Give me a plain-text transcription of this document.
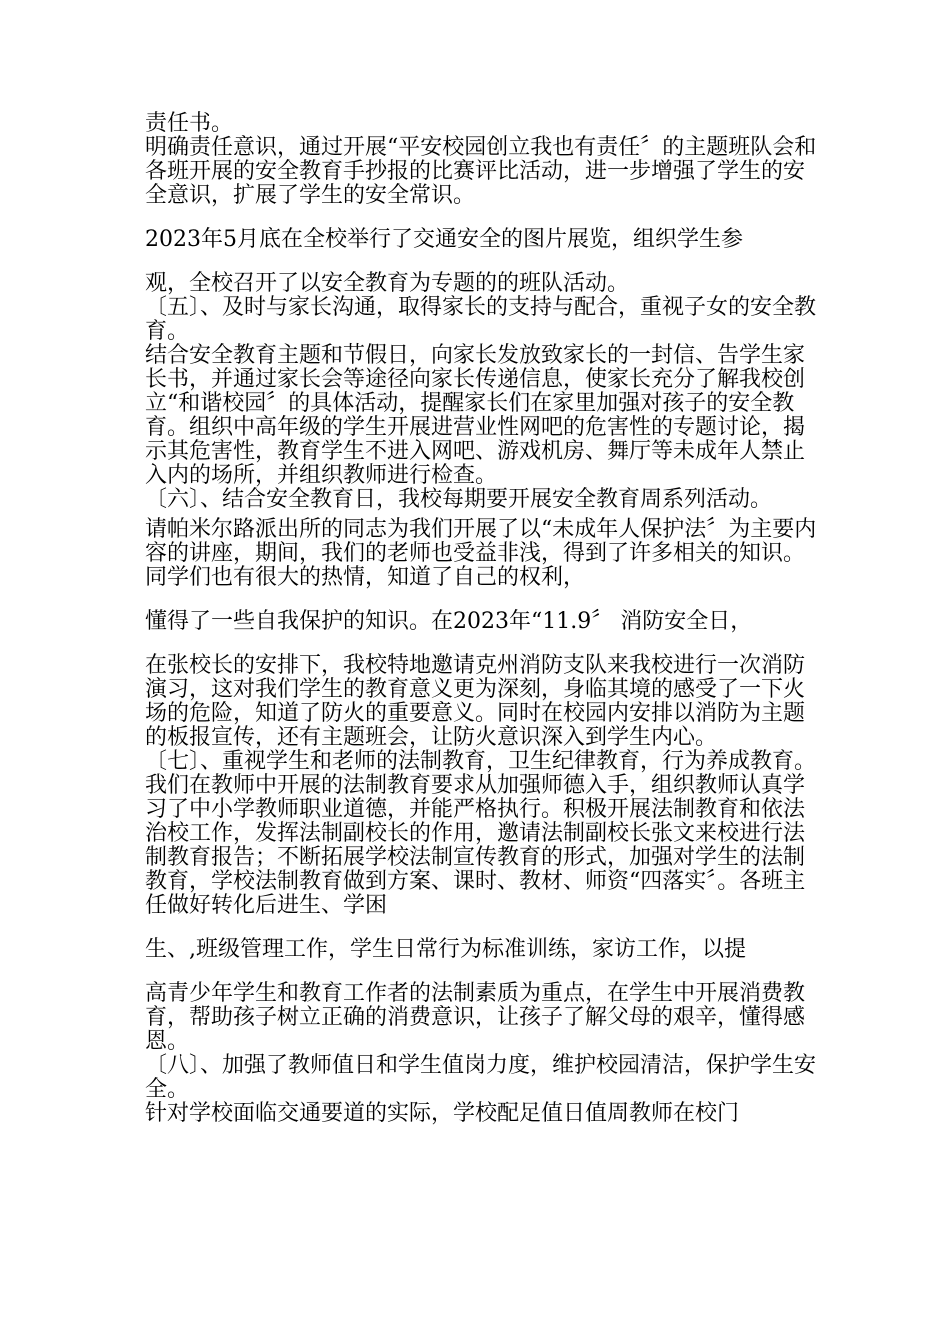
责任书。

明确责任意识，通过开展“平安校园创立我也有责任〞的主题班队会和各班开展的安全教育手抄报的比赛评比活动，进一步增强了学生的安全意识，扩展了学生的安全常识。

2023年5月底在全校举行了交通安全的图片展览，组织学生参

观，全校召开了以安全教育为专题的的班队活动。

〔五〕、及时与家长沟通，取得家长的支持与配合，重视子女的安全教育。

结合安全教育主题和节假日，向家长发放致家长的一封信、告学生家长书，并通过家长会等途径向家长传递信息，使家长充分了解我校创立“和谐校园〞的具体活动，提醒家长们在家里加强对孩子的安全教育。组织中高年级的学生开展进营业性网吧的危害性的专题讨论，揭示其危害性，教育学生不进入网吧、游戏机房、舞厅等未成年人禁止入内的场所，并组织教师进行检查。

〔六〕、结合安全教育日，我校每期要开展安全教育周系列活动。

请帕米尔路派出所的同志为我们开展了以“未成年人保护法〞为主要内容的讲座，期间，我们的老师也受益非浅，得到了许多相关的知识。同学们也有很大的热情，知道了自己的权利，

懂得了一些自我保护的知识。在2023年“11.9〞 消防安全日，

在张校长的安排下，我校特地邀请克州消防支队来我校进行一次消防演习，这对我们学生的教育意义更为深刻，身临其境的感受了一下火场的危险，知道了防火的重要意义。同时在校园内安排以消防为主题的板报宣传，还有主题班会，让防火意识深入到学生内心。

〔七〕、重视学生和老师的法制教育，卫生纪律教育，行为养成教育。

我们在教师中开展的法制教育要求从加强师德入手，组织教师认真学习了中小学教师职业道德，并能严格执行。积极开展法制教育和依法治校工作，发挥法制副校长的作用，邀请法制副校长张文来校进行法制教育报告；不断拓展学校法制宣传教育的形式，加强对学生的法制教育，学校法制教育做到方案、课时、教材、师资“四落实〞。各班主任做好转化后进生、学困

生、,班级管理工作，学生日常行为标准训练，家访工作，以提

高青少年学生和教育工作者的法制素质为重点，在学生中开展消费教育，帮助孩子树立正确的消费意识，让孩子了解父母的艰辛，懂得感恩。

〔八〕、加强了教师值日和学生值岗力度，维护校园清洁，保护学生安全。

针对学校面临交通要道的实际，学校配足值日值周教师在校门
